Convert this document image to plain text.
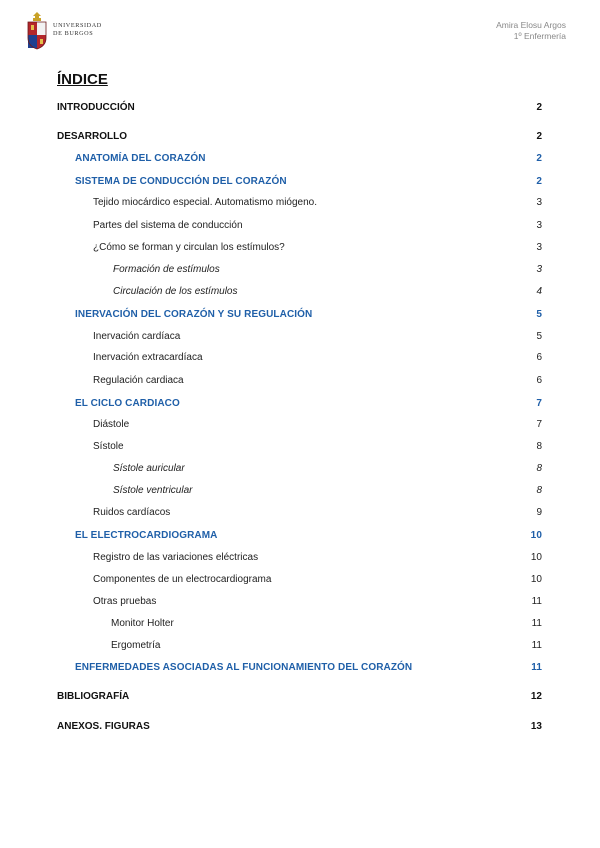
UNIVERSIDAD
DE BURGOS
Amira Elosu Argos
1º Enfermería
ÍNDICE
INTRODUCCIÓN	2
DESARROLLO	2
ANATOMÍA DEL CORAZÓN	2
SISTEMA DE CONDUCCIÓN DEL CORAZÓN	2
Tejido miocárdico especial. Automatismo miógeno.	3
Partes del sistema de conducción	3
¿Cómo se forman y circulan los estímulos?	3
Formación de estímulos	3
Circulación de los estímulos	4
INERVACIÓN DEL CORAZÓN Y SU REGULACIÓN	5
Inervación cardíaca	5
Inervación extracardíaca	6
Regulación cardiaca	6
EL CICLO CARDIACO	7
Diástole	7
Sístole	8
Sístole auricular	8
Sístole ventricular	8
Ruidos cardíacos	9
EL ELECTROCARDIOGRAMA	10
Registro de las variaciones eléctricas	10
Componentes de un electrocardiograma	10
Otras pruebas	11
Monitor Holter	11
Ergometría	11
ENFERMEDADES ASOCIADAS AL FUNCIONAMIENTO DEL CORAZÓN	11
BIBLIOGRAFÍA	12
ANEXOS. FIGURAS	13
